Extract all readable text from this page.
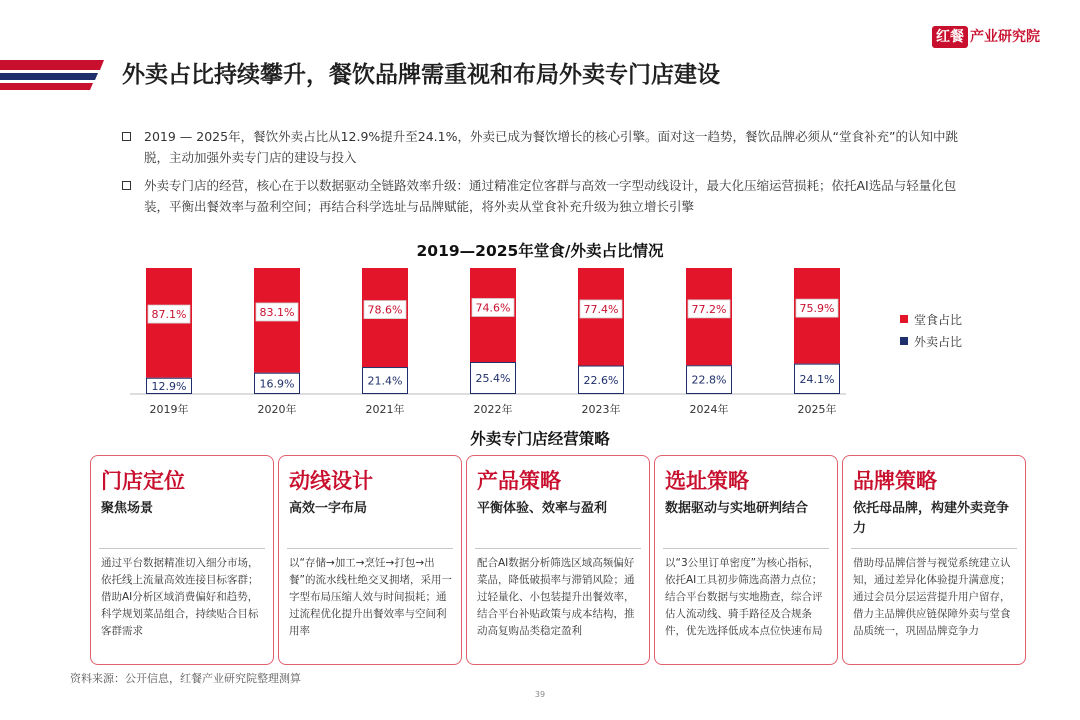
红餐 产业研究院
外卖占比持续攀升，餐饮品牌需重视和布局外卖专门店建设
2019 — 2025年，餐饮外卖占比从12.9%提升至24.1%，外卖已成为餐饮增长的核心引擎。面对这一趋势，餐饮品牌必须从“堂食补充”的认知中跳脱，主动加强外卖专门店的建设与投入
外卖专门店的经营，核心在于以数据驱动全链路效率升级：通过精准定位客群与高效一字型动线设计，最大化压缩运营损耗；依托AI选品与轻量化包装，平衡出餐效率与盈利空间；再结合科学选址与品牌赋能，将外卖从堂食补充升级为独立增长引擎
2019—2025年堂食/外卖占比情况
87.1%
12.9%
2019年
83.1%
16.9%
2020年
78.6%
21.4%
2021年
74.6%
25.4%
2022年
77.4%
22.6%
2023年
77.2%
22.8%
2024年
75.9%
24.1%
2025年
堂食占比
外卖占比
外卖专门店经营策略
门店定位
聚焦场景
通过平台数据精准切入细分市场，依托线上流量高效连接目标客群；借助AI分析区域消费偏好和趋势，科学规划菜品组合，持续贴合目标客群需求
动线设计
高效一字布局
以“存储→加工→烹饪→打包→出餐”的流水线杜绝交叉拥堵，采用一字型布局压缩人效与时间损耗；通过流程优化提升出餐效率与空间利用率
产品策略
平衡体验、效率与盈利
配合AI数据分析筛选区域高频偏好菜品，降低破损率与滞销风险；通过轻量化、小包装提升出餐效率，结合平台补贴政策与成本结构，推动高复购品类稳定盈利
选址策略
数据驱动与实地研判结合
以“3公里订单密度”为核心指标，依托AI工具初步筛选高潜力点位；结合平台数据与实地勘查，综合评估人流动线、骑手路径及合规条件，优先选择低成本点位快速布局
品牌策略
依托母品牌，构建外卖竞争力
借助母品牌信誉与视觉系统建立认知，通过差异化体验提升满意度；通过会员分层运营提升用户留存，借力主品牌供应链保障外卖与堂食品质统一，巩固品牌竞争力
资料来源：公开信息，红餐产业研究院整理测算
39
